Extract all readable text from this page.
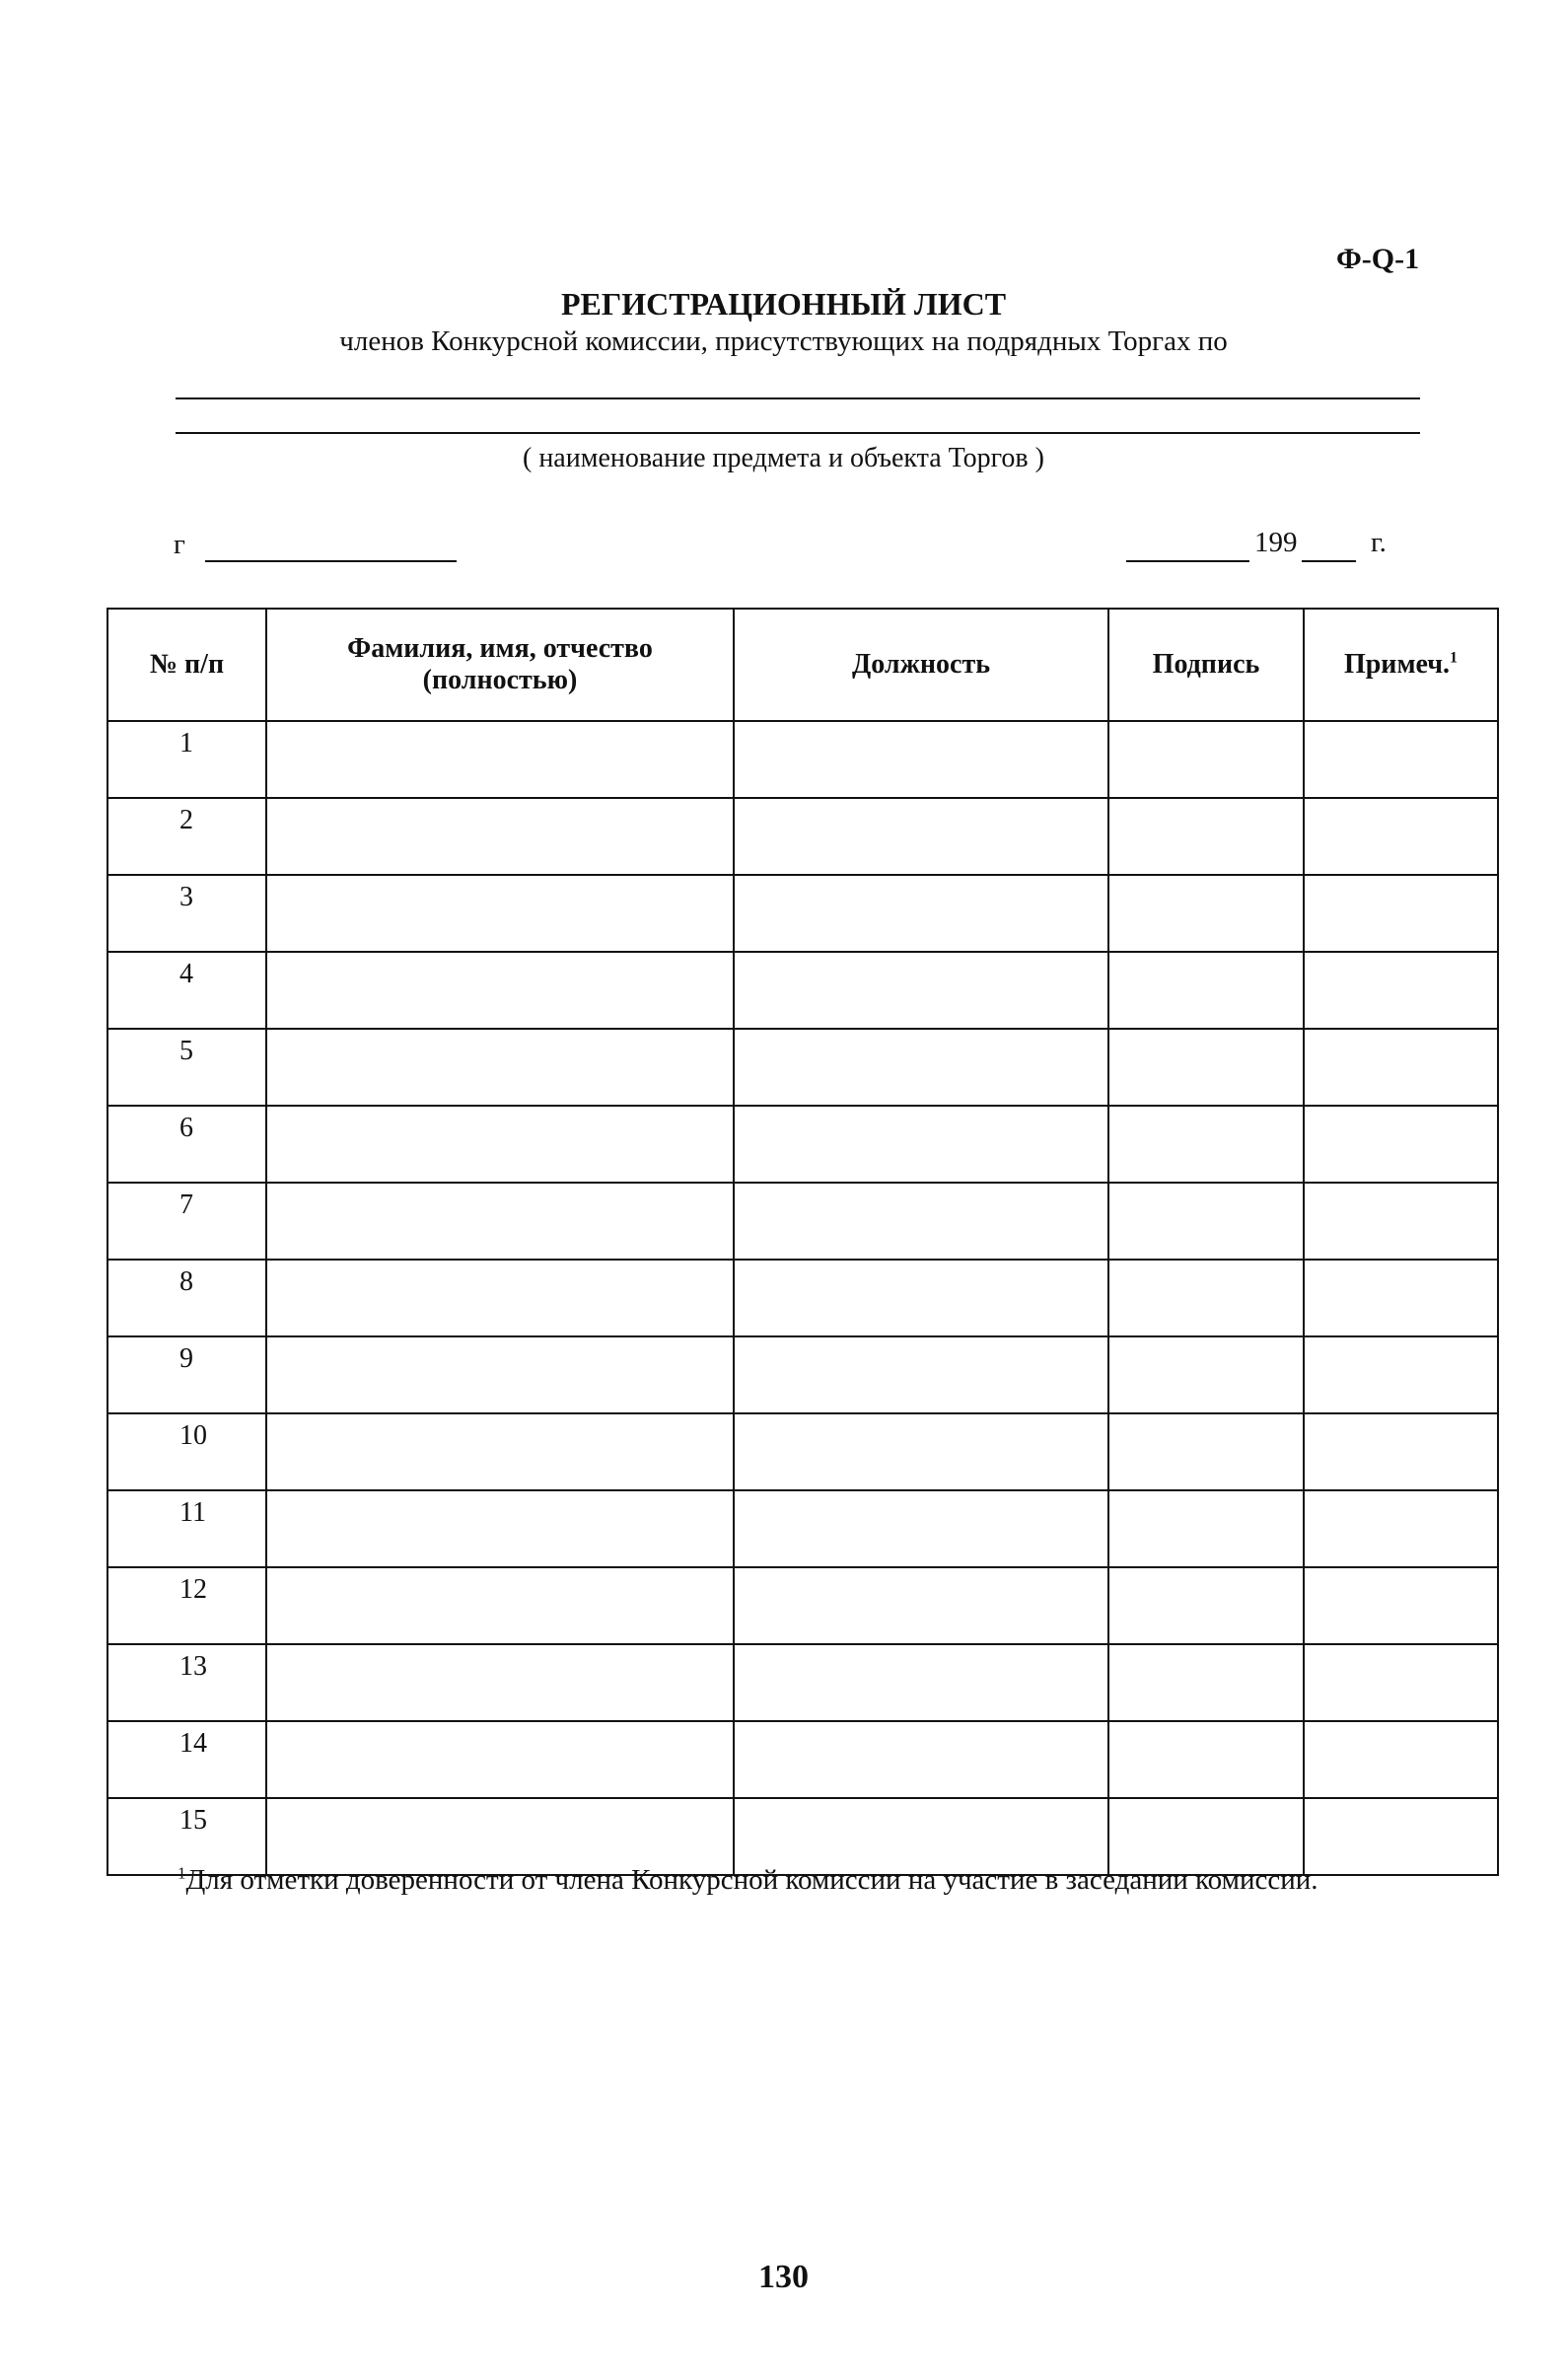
Ф-Q-1
РЕГИСТРАЦИОННЫЙ ЛИСТ
членов Конкурсной комиссии, присутствующих на подрядных Торгах по
( наименование предмета и объекта Торгов )
г	199	г.
№ п/п	Фамилия, имя, отчество (полностью)	Должность	Подпись	Примеч.$^1$
1				
2				
3				
4				
5				
6				
7				
8				
9				
10				
11				
12				
13				
14				
15				
$^1$Для отметки доверенности от члена Конкурсной комиссии на участие в заседании комиссии.
130
